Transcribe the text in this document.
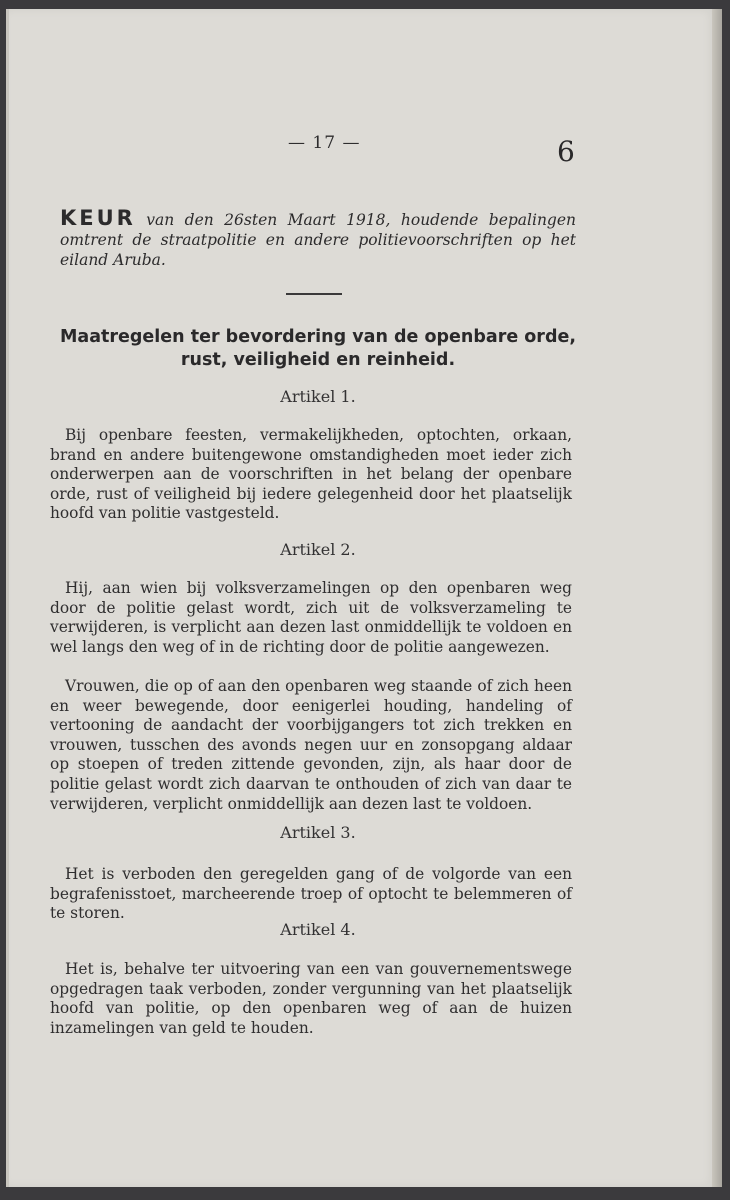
— 17 —	6
KEUR van den 26sten Maart 1918, houdende bepalingen omtrent de straatpolitie en andere politievoorschriften op het eiland Aruba.
Maatregelen ter bevordering van de openbare orde, rust, veiligheid en reinheid.
Artikel 1.

Bij openbare feesten, vermakelijkheden, optochten, orkaan, brand en andere buitengewone omstandigheden moet ieder zich onderwerpen aan de voorschriften in het belang der openbare orde, rust of veiligheid bij iedere gelegenheid door het plaatselijk hoofd van politie vastgesteld.

Artikel 2.

Hij, aan wien bij volksverzamelingen op den openbaren weg door de politie gelast wordt, zich uit de volksverzameling te verwijderen, is verplicht aan dezen last onmiddellijk te voldoen en wel langs den weg of in de richting door de politie aangewezen.

Vrouwen, die op of aan den openbaren weg staande of zich heen en weer bewegende, door eenigerlei houding, handeling of vertooning de aandacht der voorbijgangers tot zich trekken en vrouwen, tusschen des avonds negen uur en zonsopgang aldaar op stoepen of treden zittende gevonden, zijn, als haar door de politie gelast wordt zich daarvan te onthouden of zich van daar te verwijderen, verplicht onmiddellijk aan dezen last te voldoen.

Artikel 3.

Het is verboden den geregelden gang of de volgorde van een begrafenisstoet, marcheerende troep of optocht te belemmeren of te storen.

Artikel 4.

Het is, behalve ter uitvoering van een van gouvernementswege opgedragen taak verboden, zonder vergunning van het plaatselijk hoofd van politie, op den openbaren weg of aan de huizen inzamelingen van geld te houden.
